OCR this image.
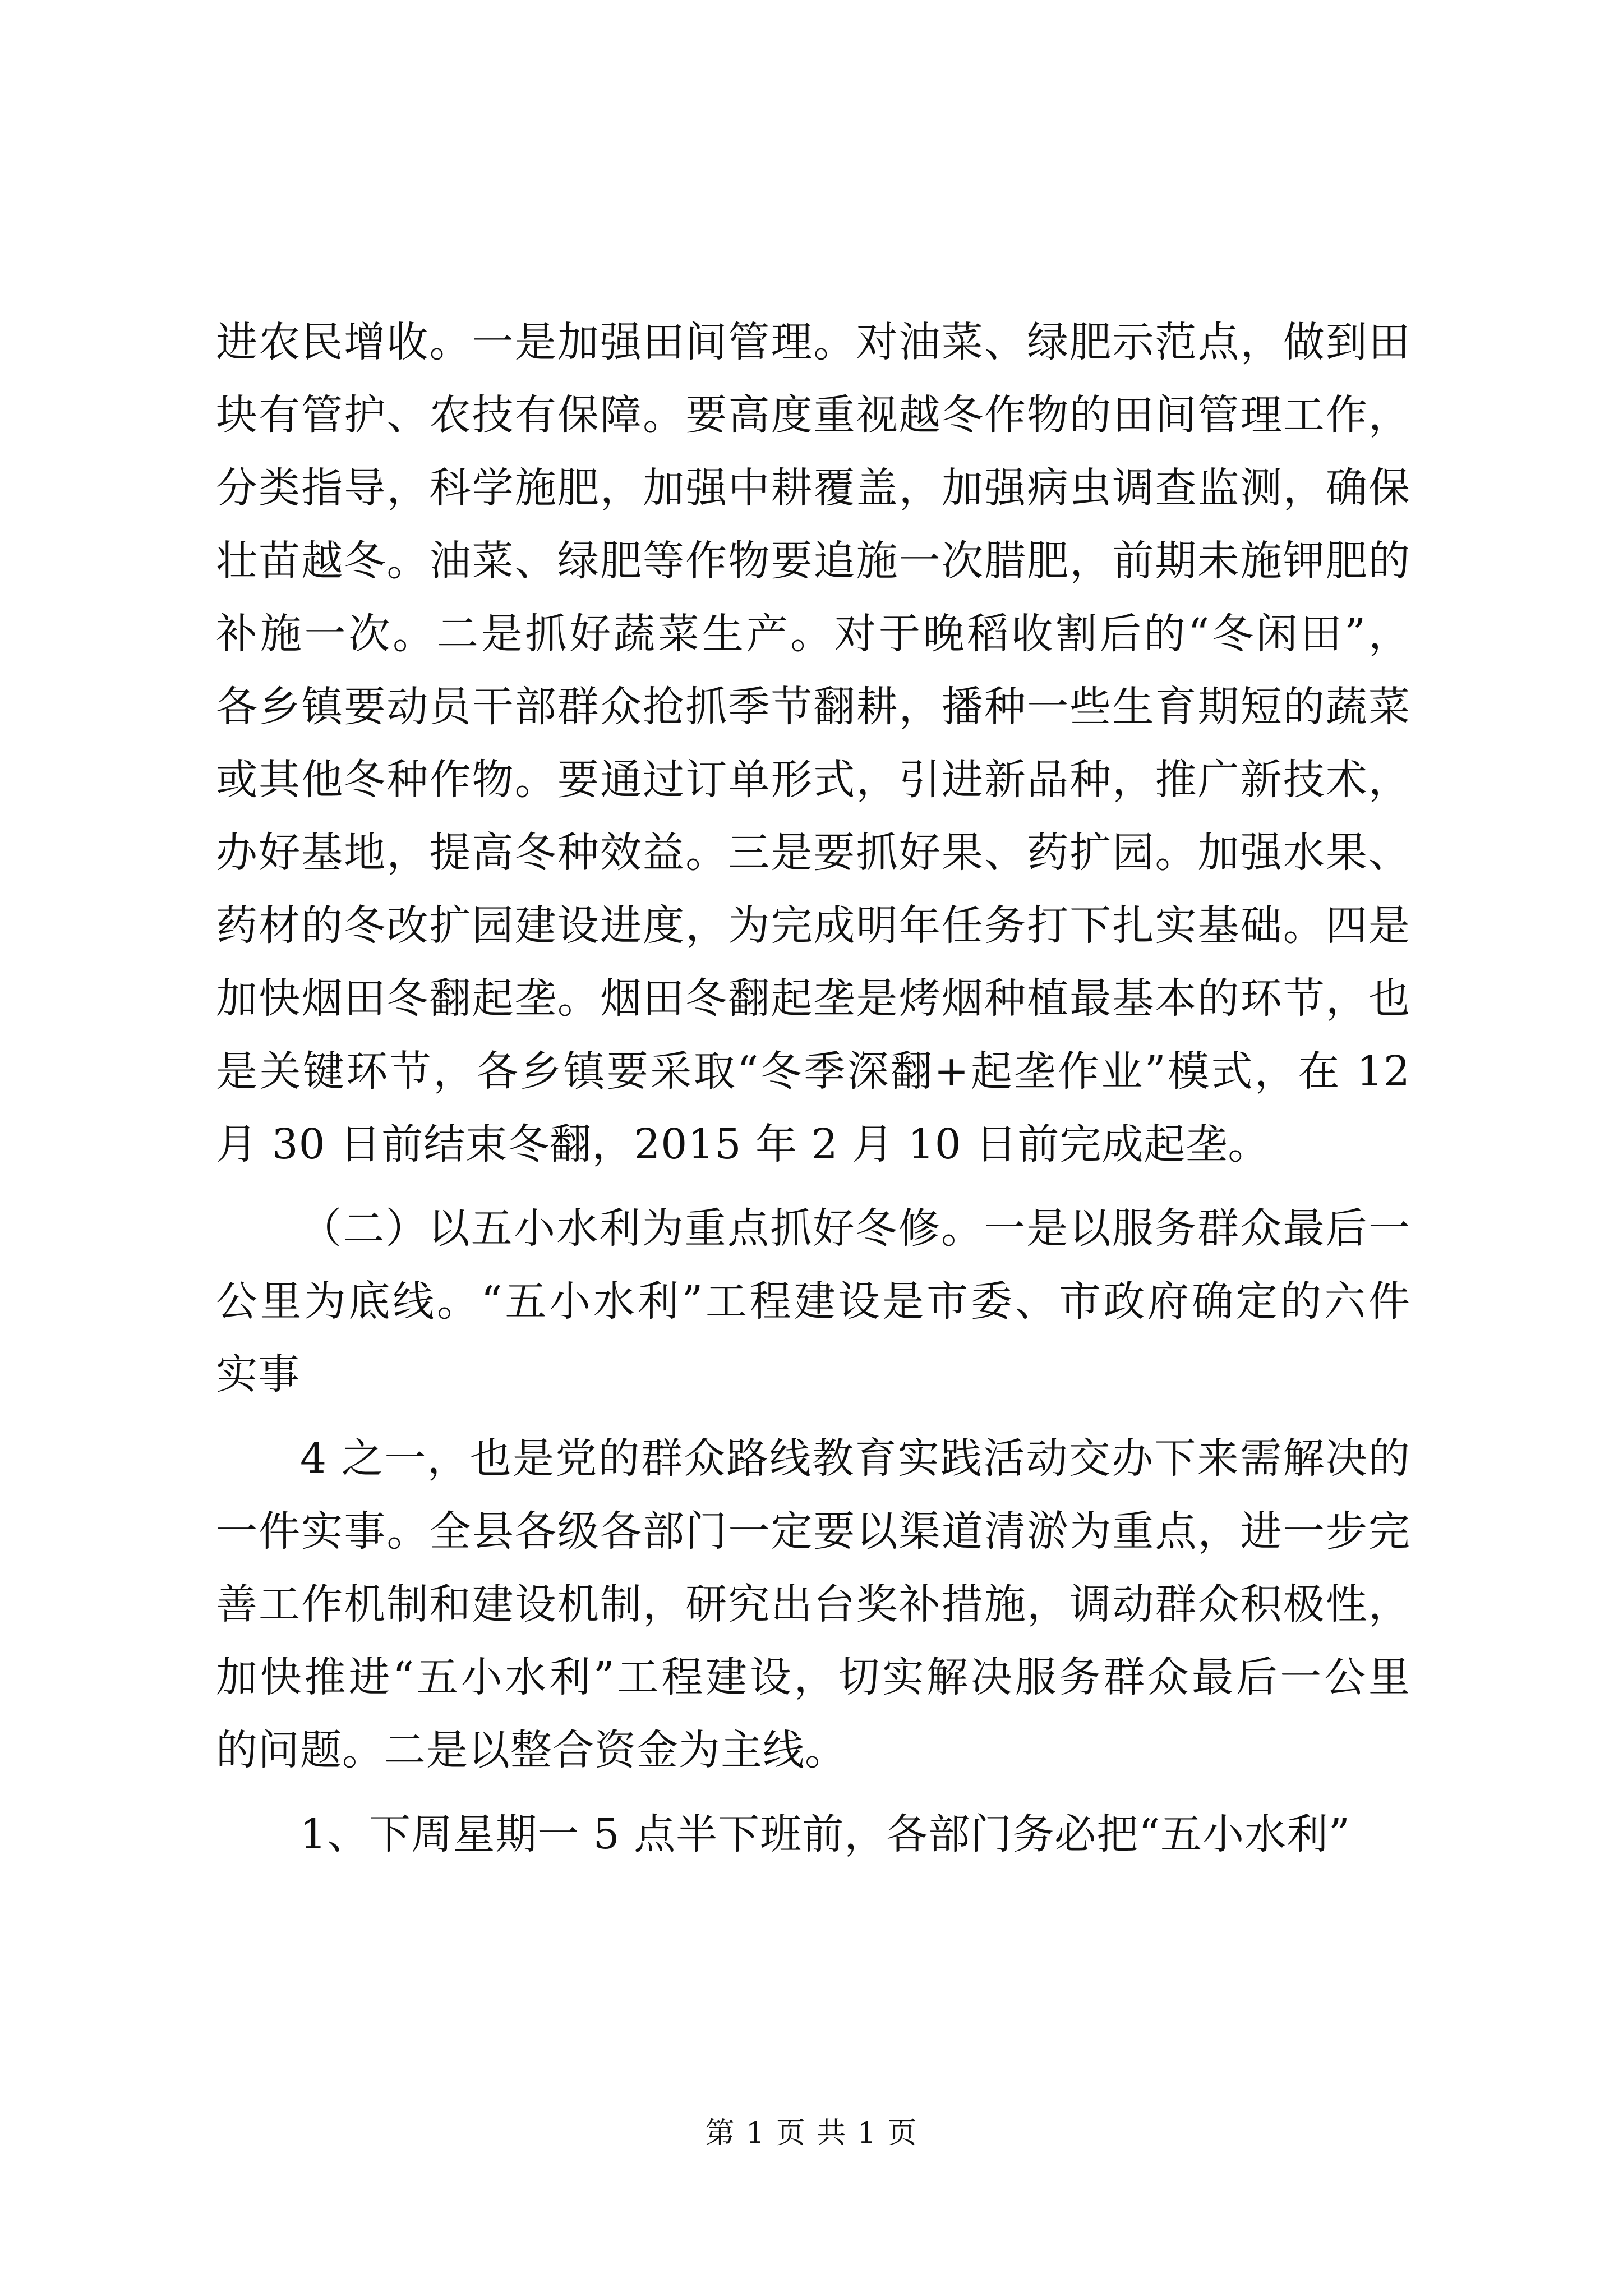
进农民增收。一是加强田间管理。对油菜、绿肥示范点，做到田
块有管护、农技有保障。要高度重视越冬作物的田间管理工作，
分类指导，科学施肥，加强中耕覆盖，加强病虫调查监测，确保
壮苗越冬。油菜、绿肥等作物要追施一次腊肥，前期未施钾肥的
补施一次。二是抓好蔬菜生产。对于晚稻收割后的“冬闲田”，
各乡镇要动员干部群众抢抓季节翻耕，播种一些生育期短的蔬菜
或其他冬种作物。要通过订单形式，引进新品种，推广新技术，
办好基地，提高冬种效益。三是要抓好果、药扩园。加强水果、
药材的冬改扩园建设进度，为完成明年任务打下扎实基础。四是
加快烟田冬翻起垄。烟田冬翻起垄是烤烟种植最基本的环节，也
是关键环节，各乡镇要采取“冬季深翻+起垄作业”模式，在 12
月 30 日前结束冬翻，2015 年 2 月 10 日前完成起垄。
（二）以五小水利为重点抓好冬修。一是以服务群众最后一
公里为底线。“五小水利”工程建设是市委、市政府确定的六件
实事
4 之一，也是党的群众路线教育实践活动交办下来需解决的
一件实事。全县各级各部门一定要以渠道清淤为重点，进一步完
善工作机制和建设机制，研究出台奖补措施，调动群众积极性，
加快推进“五小水利”工程建设，切实解决服务群众最后一公里
的问题。二是以整合资金为主线。
1、下周星期一 5 点半下班前，各部门务必把“五小水利”
第 1 页 共 1 页
